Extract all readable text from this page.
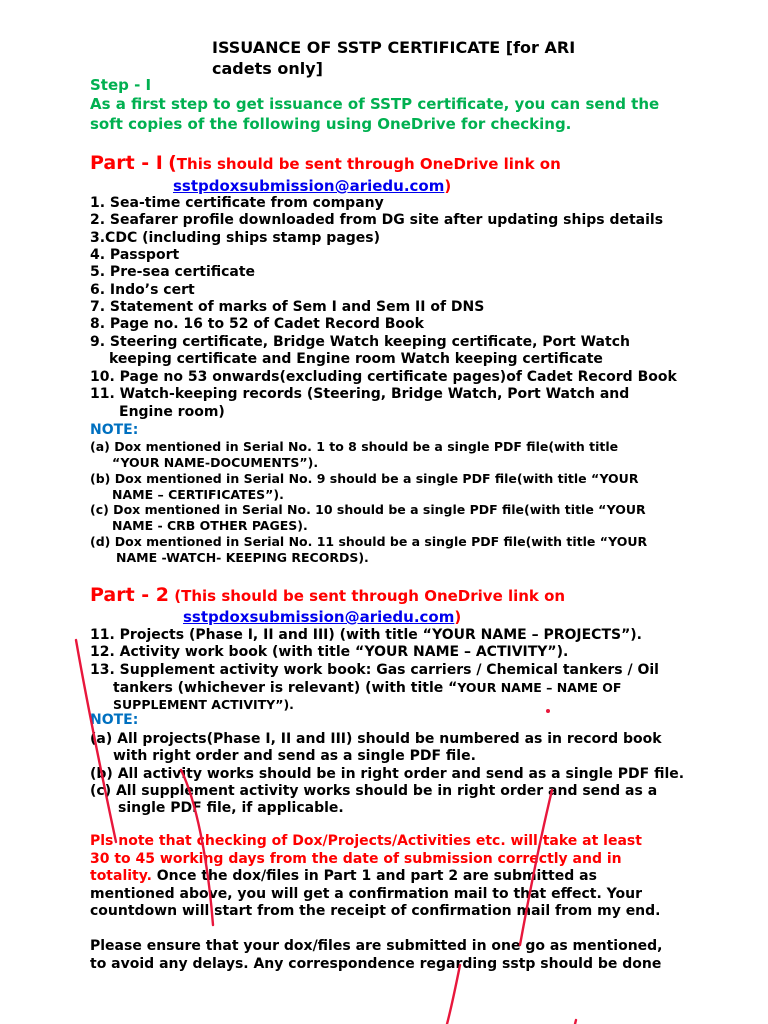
ISSUANCE OF SSTP CERTIFICATE [for ARI
cadets only]
Step - I
As a first step to get issuance of SSTP certificate, you can send the
soft copies of the following using OneDrive for checking.
Part - I (This should be sent through OneDrive link on
sstpdoxsubmission@ariedu.com)
1. Sea-time certificate from company
2. Seafarer profile downloaded from DG site after updating ships details
3.CDC (including ships stamp pages)
4. Passport
5. Pre-sea certificate
6. Indo’s cert
7. Statement of marks of Sem I and Sem II of DNS
8. Page no. 16 to 52 of Cadet Record Book
9. Steering certificate, Bridge Watch keeping certificate, Port Watch
keeping certificate and Engine room Watch keeping certificate
10. Page no 53 onwards(excluding certificate pages)of Cadet Record Book
11. Watch-keeping records (Steering, Bridge Watch, Port Watch and
Engine room)
NOTE:
(a) Dox mentioned in Serial No. 1 to 8 should be a single PDF file(with title
“YOUR NAME-DOCUMENTS”).
(b) Dox mentioned in Serial No. 9 should be a single PDF file(with title “YOUR
NAME – CERTIFICATES”).
(c) Dox mentioned in Serial No. 10 should be a single PDF file(with title “YOUR
NAME - CRB OTHER PAGES).
(d) Dox mentioned in Serial No. 11 should be a single PDF file(with title “YOUR
NAME -WATCH- KEEPING RECORDS).
Part - 2 (This should be sent through OneDrive link on
sstpdoxsubmission@ariedu.com)
11. Projects (Phase I, II and III) (with title “YOUR NAME – PROJECTS”).
12. Activity work book (with title “YOUR NAME – ACTIVITY”).
13. Supplement activity work book: Gas carriers / Chemical tankers / Oil
tankers (whichever is relevant) (with title “YOUR NAME – NAME OF
SUPPLEMENT ACTIVITY”).
NOTE:
(a) All projects(Phase I, II and III) should be numbered as in record book
with right order and send as a single PDF file.
(b) All activity works should be in right order and send as a single PDF file.
(c) All supplement activity works should be in right order and send as a
single PDF file, if applicable.
Pls note that checking of Dox/Projects/Activities etc. will take at least
30 to 45 working days from the date of submission correctly and in
totality. Once the dox/files in Part 1 and part 2 are submitted as
mentioned above, you will get a confirmation mail to that effect. Your
countdown will start from the receipt of confirmation mail from my end.
Please ensure that your dox/files are submitted in one go as mentioned,
to avoid any delays. Any correspondence regarding sstp should be done
